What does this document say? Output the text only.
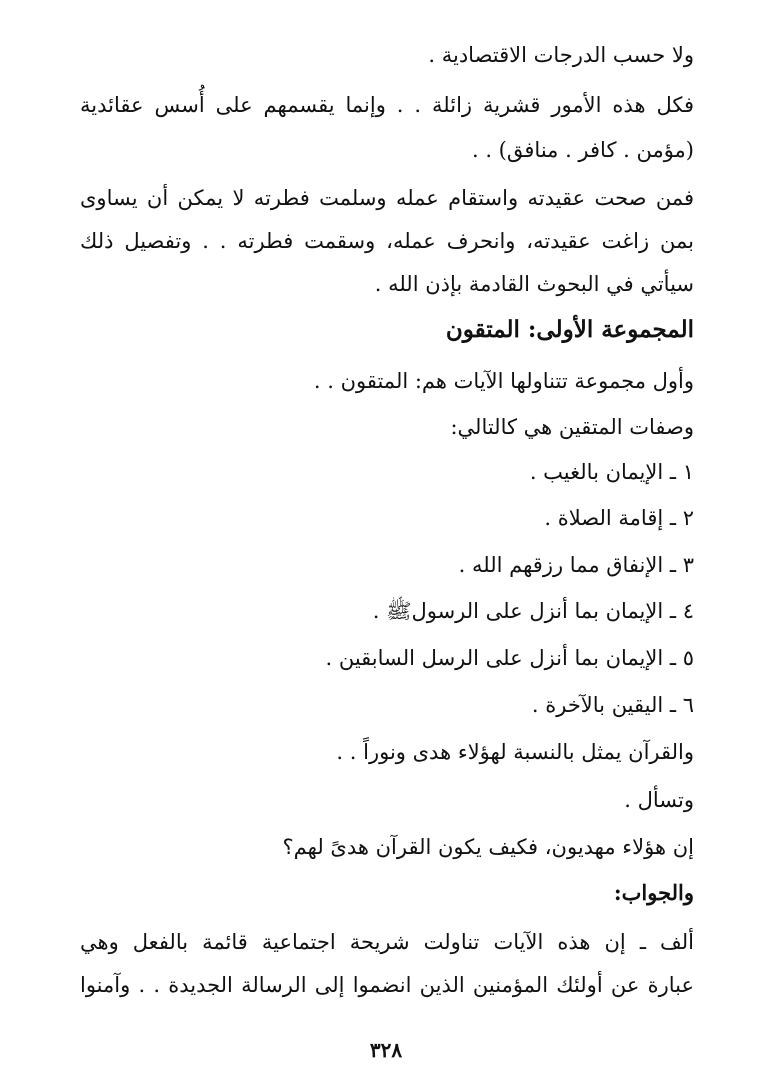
ولا حسب الدرجات الاقتصادية .
فكل هذه الأمور قشرية زائلة . . وإنما يقسمهم على أُسس عقائدية
(مؤمن . كافر . منافق) . .
فمن صحت عقيدته واستقام عمله وسلمت فطرته لا يمكن أن يساوى
بمن زاغت عقيدته، وانحرف عمله، وسقمت فطرته . . وتفصيل ذلك
سيأتي في البحوث القادمة بإذن الله .
المجموعة الأولى: المتقون
وأول مجموعة تتناولها الآيات هم: المتقون . .
وصفات المتقين هي كالتالي:
١ ـ الإيمان بالغيب .
٢ ـ إقامة الصلاة .
٣ ـ الإنفاق مما رزقهم الله .
٤ ـ الإيمان بما أنزل على الرسولﷺ .
٥ ـ الإيمان بما أنزل على الرسل السابقين .
٦ ـ اليقين بالآخرة .
والقرآن يمثل بالنسبة لهؤلاء هدى ونوراً . .
وتسأل .
إن هؤلاء مهديون، فكيف يكون القرآن هدىً لهم؟
والجواب:
ألف ـ إن هذه الآيات تناولت شريحة اجتماعية قائمة بالفعل وهي
عبارة عن أولئك المؤمنين الذين انضموا إلى الرسالة الجديدة . . وآمنوا
٣٢٨
